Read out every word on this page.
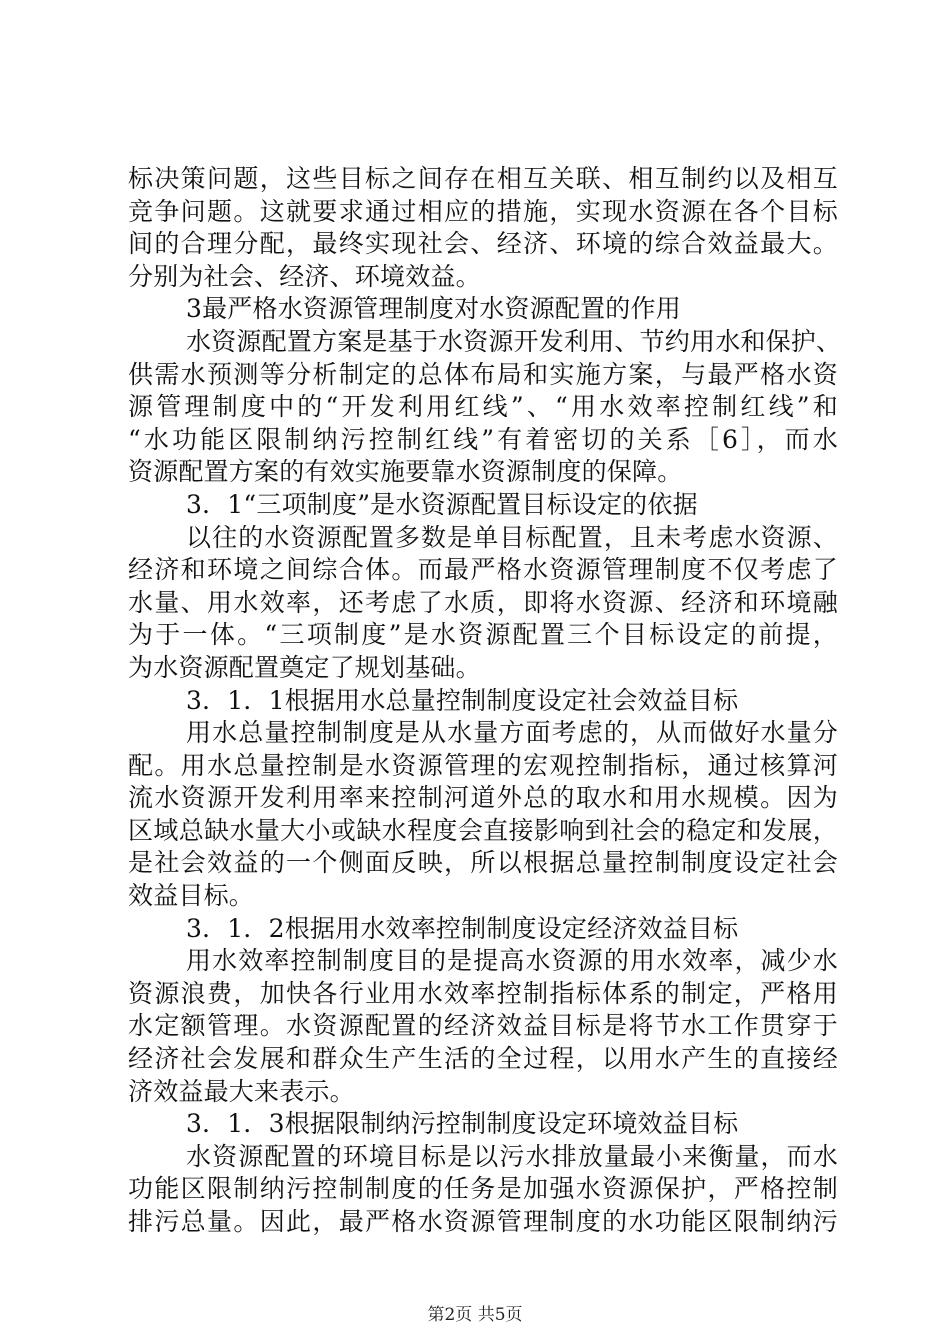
标决策问题，这些目标之间存在相互关联、相互制约以及相互
竞争问题。这就要求通过相应的措施，实现水资源在各个目标
间的合理分配，最终实现社会、经济、环境的综合效益最大。
分别为社会、经济、环境效益。
3最严格水资源管理制度对水资源配置的作用
水资源配置方案是基于水资源开发利用、节约用水和保护、
供需水预测等分析制定的总体布局和实施方案，与最严格水资
源管理制度中的“开发利用红线”、“用水效率控制红线”和
“水功能区限制纳污控制红线”有着密切的关系［6］，而水
资源配置方案的有效实施要靠水资源制度的保障。
3．1“三项制度”是水资源配置目标设定的依据
以往的水资源配置多数是单目标配置，且未考虑水资源、
经济和环境之间综合体。而最严格水资源管理制度不仅考虑了
水量、用水效率，还考虑了水质，即将水资源、经济和环境融
为于一体。“三项制度”是水资源配置三个目标设定的前提，
为水资源配置奠定了规划基础。
3．1．1根据用水总量控制制度设定社会效益目标
用水总量控制制度是从水量方面考虑的，从而做好水量分
配。用水总量控制是水资源管理的宏观控制指标，通过核算河
流水资源开发利用率来控制河道外总的取水和用水规模。因为
区域总缺水量大小或缺水程度会直接影响到社会的稳定和发展，
是社会效益的一个侧面反映，所以根据总量控制制度设定社会
效益目标。
3．1．2根据用水效率控制制度设定经济效益目标
用水效率控制制度目的是提高水资源的用水效率，减少水
资源浪费，加快各行业用水效率控制指标体系的制定，严格用
水定额管理。水资源配置的经济效益目标是将节水工作贯穿于
经济社会发展和群众生产生活的全过程，以用水产生的直接经
济效益最大来表示。
3．1．3根据限制纳污控制制度设定环境效益目标
水资源配置的环境目标是以污水排放量最小来衡量，而水
功能区限制纳污控制制度的任务是加强水资源保护，严格控制
排污总量。因此，最严格水资源管理制度的水功能区限制纳污
第2页 共5页
